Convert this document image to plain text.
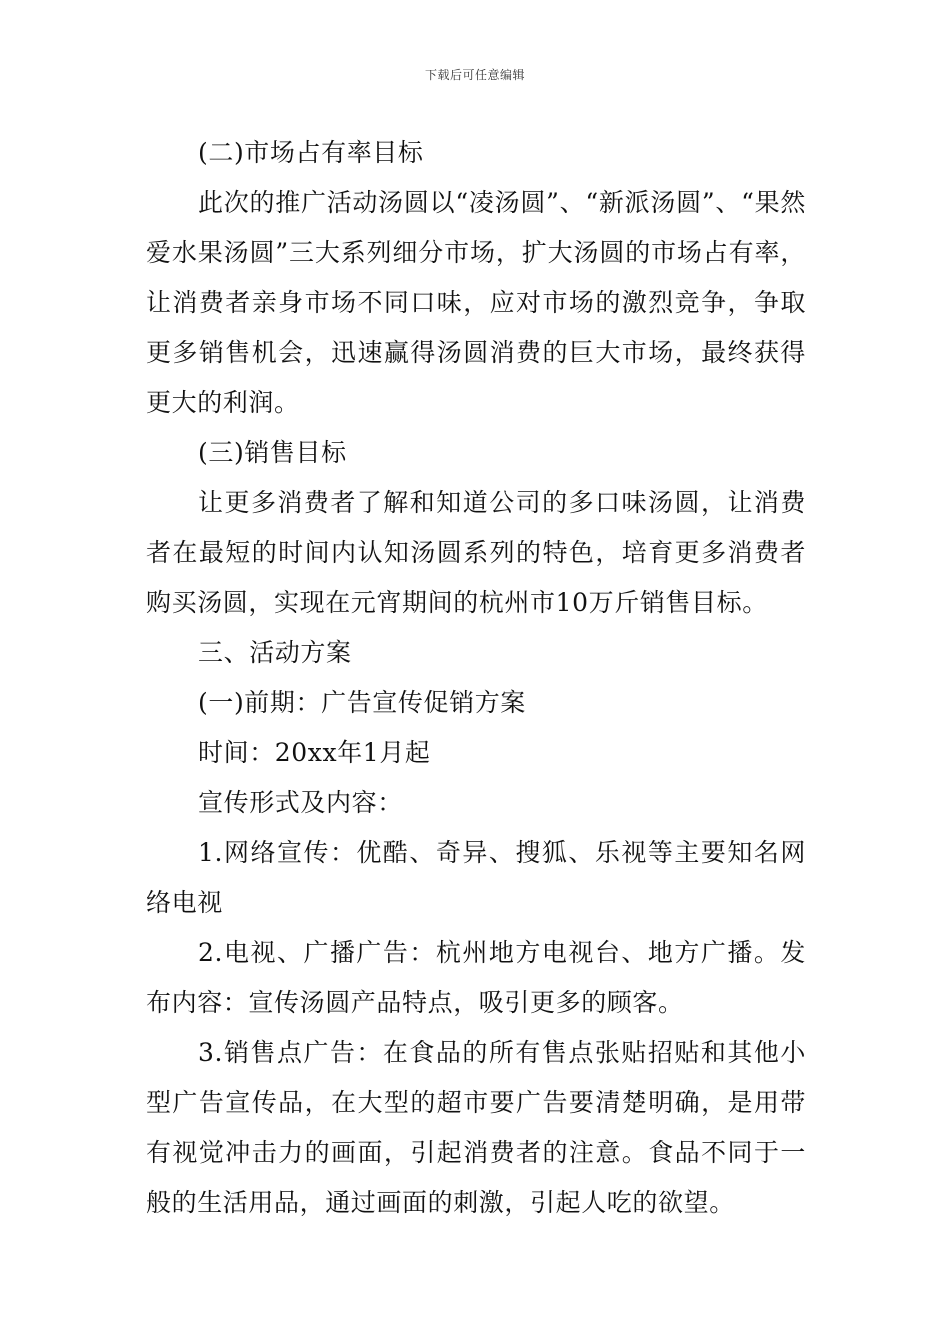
下载后可任意编辑

(二)市场占有率目标

此次的推广活动汤圆以“凌汤圆”、“新派汤圆”、“果然爱水果汤圆”三大系列细分市场，扩大汤圆的市场占有率，让消费者亲身市场不同口味，应对市场的激烈竞争，争取更多销售机会，迅速赢得汤圆消费的巨大市场，最终获得更大的利润。

(三)销售目标

让更多消费者了解和知道公司的多口味汤圆，让消费者在最短的时间内认知汤圆系列的特色，培育更多消费者购买汤圆，实现在元宵期间的杭州市10万斤销售目标。

三、活动方案

(一)前期：广告宣传促销方案

时间：20xx年1月起

宣传形式及内容：

1.网络宣传：优酷、奇异、搜狐、乐视等主要知名网络电视

2.电视、广播广告：杭州地方电视台、地方广播。发布内容：宣传汤圆产品特点，吸引更多的顾客。

3.销售点广告：在食品的所有售点张贴招贴和其他小型广告宣传品，在大型的超市要广告要清楚明确，是用带有视觉冲击力的画面，引起消费者的注意。食品不同于一般的生活用品，通过画面的刺激，引起人吃的欲望。
